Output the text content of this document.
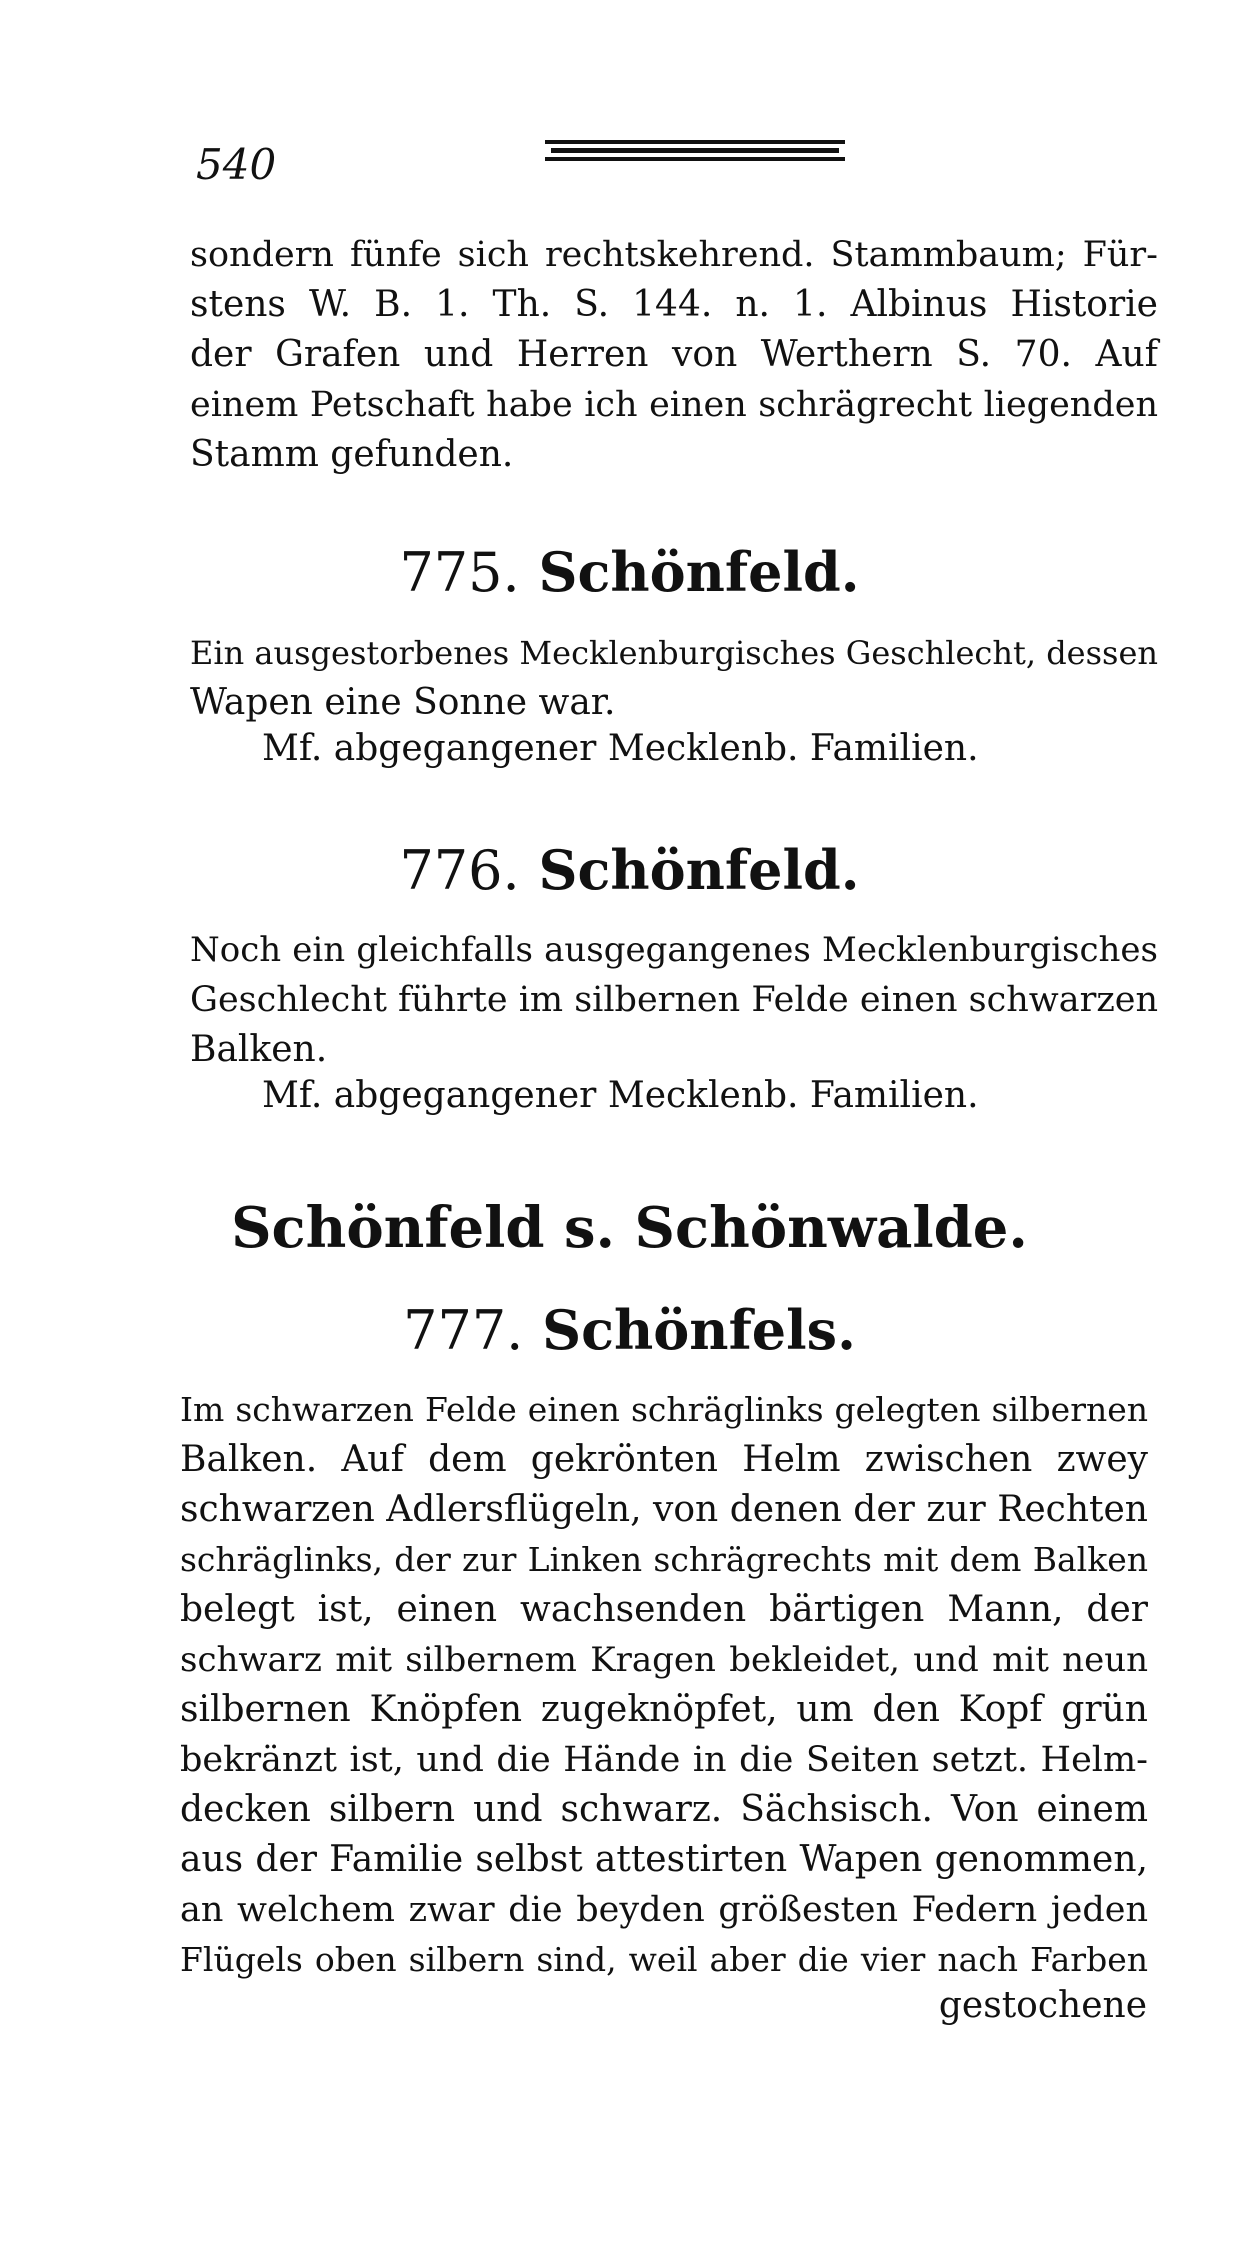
540
sondern fünfe sich rechtskehrend. Stammbaum; Für-
stens W. B. 1. Th. S. 144. n. 1. Albinus Historie
der Grafen und Herren von Werthern S. 70. Auf
einem Petschaft habe ich einen schrägrecht liegenden
Stamm gefunden.
775. Schönfeld.
Ein ausgestorbenes Mecklenburgisches Geschlecht, dessen
Wapen eine Sonne war.
Mf. abgegangener Mecklenb. Familien.
776. Schönfeld.
Noch ein gleichfalls ausgegangenes Mecklenburgisches
Geschlecht führte im silbernen Felde einen schwarzen
Balken.
Mf. abgegangener Mecklenb. Familien.
Schönfeld s. Schönwalde.
777. Schönfels.
Im schwarzen Felde einen schräglinks gelegten silbernen
Balken. Auf dem gekrönten Helm zwischen zwey
schwarzen Adlersflügeln, von denen der zur Rechten
schräglinks, der zur Linken schrägrechts mit dem Balken
belegt ist, einen wachsenden bärtigen Mann, der
schwarz mit silbernem Kragen bekleidet, und mit neun
silbernen Knöpfen zugeknöpfet, um den Kopf grün
bekränzt ist, und die Hände in die Seiten setzt. Helm-
decken silbern und schwarz. Sächsisch. Von einem
aus der Familie selbst attestirten Wapen genommen,
an welchem zwar die beyden größesten Federn jeden
Flügels oben silbern sind, weil aber die vier nach Farben
gestochene
